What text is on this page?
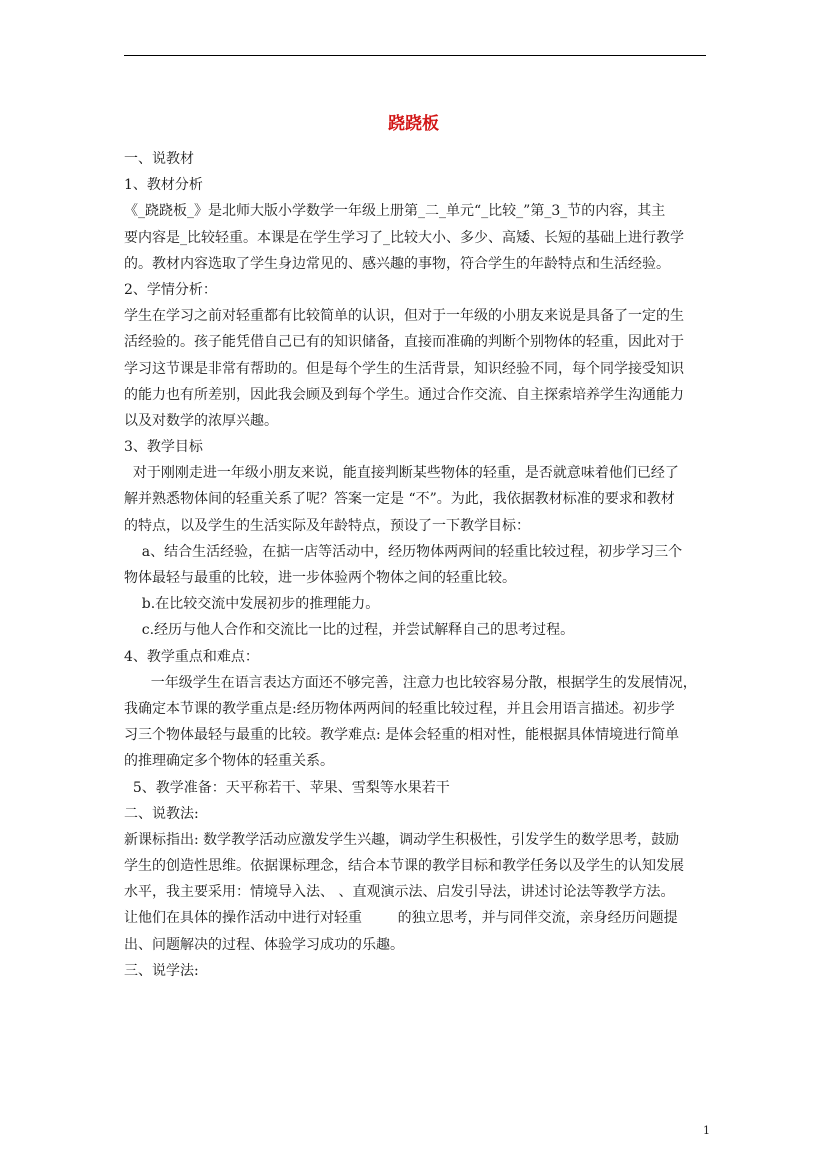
跷跷板
一、说教材
1、教材分析
《_跷跷板_》是北师大版小学数学一年级上册第_二_单元“_比较_”第_3_节的内容，其主
要内容是_比较轻重。本课是在学生学习了_比较大小、多少、高矮、长短的基础上进行教学
的。教材内容选取了学生身边常见的、感兴趣的事物，符合学生的年龄特点和生活经验。
2、学情分析：
学生在学习之前对轻重都有比较简单的认识，但对于一年级的小朋友来说是具备了一定的生
活经验的。孩子能凭借自己已有的知识储备，直接而准确的判断个别物体的轻重，因此对于
学习这节课是非常有帮助的。但是每个学生的生活背景，知识经验不同，每个同学接受知识
的能力也有所差别，因此我会顾及到每个学生。通过合作交流、自主探索培养学生沟通能力
以及对数学的浓厚兴趣。
3、教学目标
对于刚刚走进一年级小朋友来说，能直接判断某些物体的轻重，是否就意味着他们已经了
解并熟悉物体间的轻重关系了呢？答案一定是 “不”。为此，我依据教材标准的要求和教材
的特点，以及学生的生活实际及年龄特点，预设了一下教学目标：
a、结合生活经验，在掂一店等活动中，经历物体两两间的轻重比较过程，初步学习三个
物体最轻与最重的比较，进一步体验两个物体之间的轻重比较。
b.在比较交流中发展初步的推理能力。
c.经历与他人合作和交流比一比的过程，并尝试解释自己的思考过程。
4、教学重点和难点：
一年级学生在语言表达方面还不够完善，注意力也比较容易分散，根据学生的发展情况，
我确定本节课的教学重点是:经历物体两两间的轻重比较过程，并且会用语言描述。初步学
习三个物体最轻与最重的比较。教学难点: 是体会轻重的相对性，能根据具体情境进行简单
的推理确定多个物体的轻重关系。
5、教学准备：天平称若干、苹果、雪梨等水果若干
二、说教法:
新课标指出: 数学教学活动应激发学生兴趣，调动学生积极性，引发学生的数学思考，鼓励
学生的创造性思维。依据课标理念，结合本节课的教学目标和教学任务以及学生的认知发展
水平，我主要采用：情境导入法、 、直观演示法、启发引导法，讲述讨论法等教学方法。
让他们在具体的操作活动中进行对轻重        的独立思考，并与同伴交流，亲身经历问题提
出、问题解决的过程、体验学习成功的乐趣。
三、说学法:
1
